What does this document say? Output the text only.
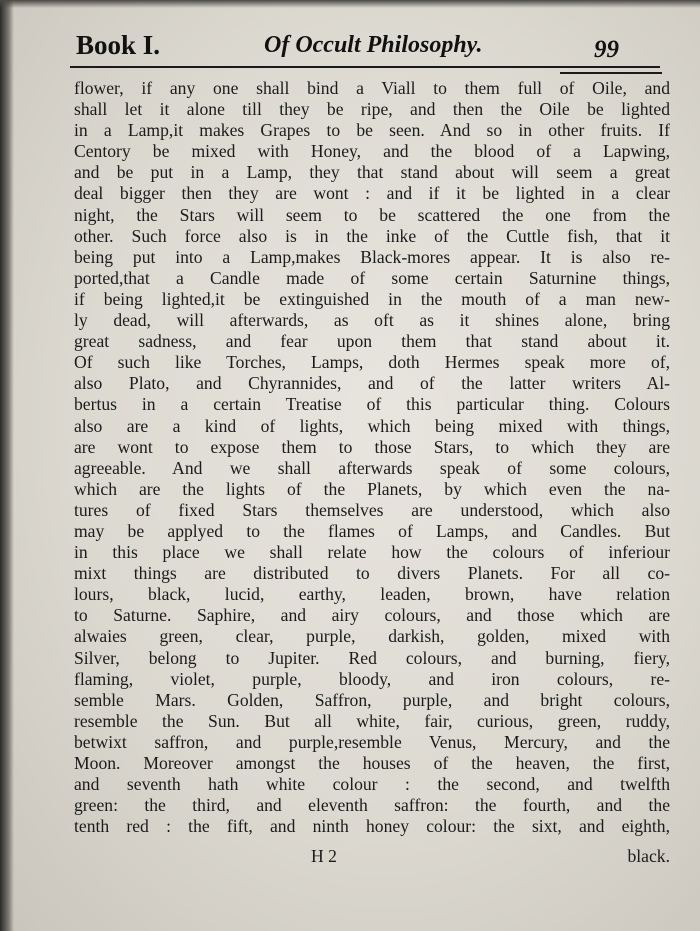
Book I.	Of Occult Philosophy.	99
flower, if any one shall bind a Viall to them full of Oile, and
shall let it alone till they be ripe, and then the Oile be lighted
in a Lamp,it makes Grapes to be seen. And so in other fruits. If
Centory be mixed with Honey, and the blood of a Lapwing,
and be put in a Lamp, they that stand about will seem a great
deal bigger then they are wont : and if it be lighted in a clear
night, the Stars will seem to be scattered the one from the
other. Such force also is in the inke of the Cuttle fish, that it
being put into a Lamp,makes Black-mores appear. It is also re-
ported,that a Candle made of some certain Saturnine things,
if being lighted,it be extinguished in the mouth of a man new-
ly dead, will afterwards, as oft as it shines alone, bring
great sadness, and fear upon them that stand about it.
Of such like Torches, Lamps, doth Hermes speak more of,
also Plato, and Chyrannides, and of the latter writers Al-
bertus in a certain Treatise of this particular thing. Colours
also are a kind of lights, which being mixed with things,
are wont to expose them to those Stars, to which they are
agreeable. And we shall afterwards speak of some colours,
which are the lights of the Planets, by which even the na-
tures of fixed Stars themselves are understood, which also
may be applyed to the flames of Lamps, and Candles. But
in this place we shall relate how the colours of inferiour
mixt things are distributed to divers Planets. For all co-
lours, black, lucid, earthy, leaden, brown, have relation
to Saturne. Saphire, and airy colours, and those which are
alwaies green, clear, purple, darkish, golden, mixed with
Silver, belong to Jupiter. Red colours, and burning, fiery,
flaming, violet, purple, bloody, and iron colours, re-
semble Mars. Golden, Saffron, purple, and bright colours,
resemble the Sun. But all white, fair, curious, green, ruddy,
betwixt saffron, and purple,resemble Venus, Mercury, and the
Moon. Moreover amongst the houses of the heaven, the first,
and seventh hath white colour : the second, and twelfth
green: the third, and eleventh saffron: the fourth, and the
tenth red : the fift, and ninth honey colour: the sixt, and eighth,
H 2	black.
